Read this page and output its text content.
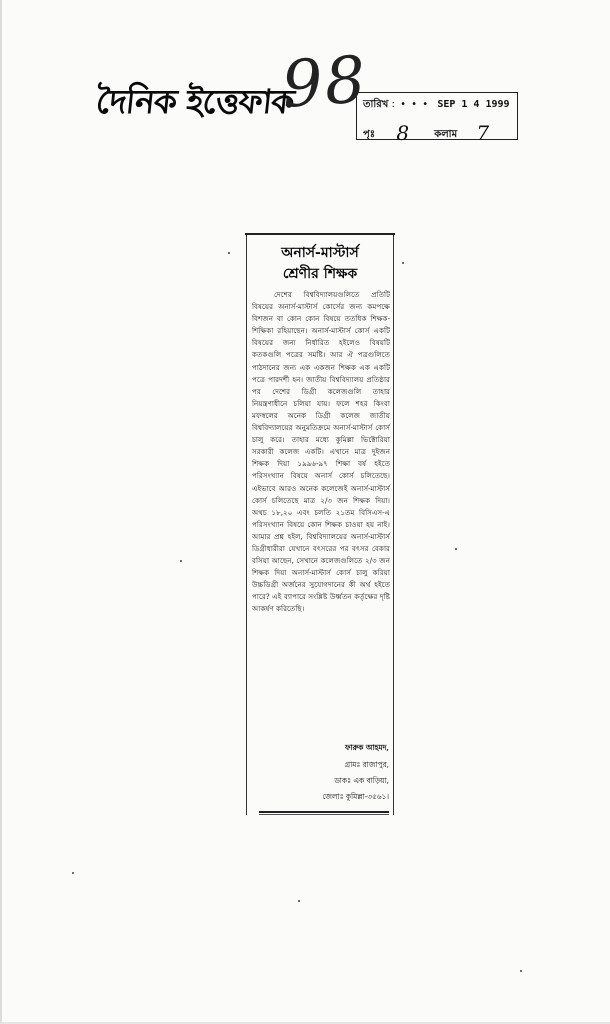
দৈনিক ইত্তেফাক
98
তারিখ : • • • SEP 1 4 1999
পৃঃ 8	কলাম 7
অনার্স-মাস্টার্স
শ্রেণীর শিক্ষক
দেশের বিশ্ববিদ্যালয়গুলিতে প্রতিটি বিষয়ের অনার্স-মাস্টার্স কোর্সের জন্য কমপক্ষে বিশজন বা কোন কোন বিষয়ে ততধিক শিক্ষক-শিক্ষিকা রহিয়াছেন। অনার্স-মাস্টার্স কোর্স একটি বিষয়ের জন্য নির্ধারিত হইলেও বিষয়টি কতকগুলি পত্রের সমষ্টি। আর ঐ পত্রগুলিতে পাঠদানের জন্য এক একজন শিক্ষক এক একটি পত্রে পারদর্শী হন। জাতীয় বিশ্ববিদ্যালয় প্রতিষ্ঠার পর দেশের ডিগ্রী কলেজগুলি তাহার নিয়ন্ত্রণাধীনে চলিয়া যায়। ফলে শহর কিংবা মফস্বলের অনেক ডিগ্রী কলেজ জাতীয় বিশ্ববিদ্যালয়ের অনুমতিক্রমে অনার্স-মাস্টার্স কোর্স চালু করে। তাহার মধ্যে কুমিল্লা ভিক্টোরিয়া সরকারী কলেজ একটি। এখানে মাত্র দুইজন শিক্ষক দিয়া ১৯৯৬-৯৭ শিক্ষা বর্ষ হইতে পরিসংখ্যান বিষয়ে অনার্স কোর্স চলিতেছে। এইভাবে আরও অনেক কলেজেই অনার্স-মাস্টার্স কোর্স চলিতেছে মাত্র ২/৩ জন শিক্ষক দিয়া। অথচ ১৮,২০ এবং চলতি ২১তম বিসিএস-এ পরিসংখ্যান বিষয়ে কোন শিক্ষক চাওয়া হয় নাই। আমার প্রশ্ন হইল, বিশ্ববিদ্যালয়ের অনার্স-মাস্টার্স ডিগ্রীধারীরা যেখানে বৎসরের পর বৎসর বেকার বসিয়া আছেন, সেখানে কলেজগুলিতে ২/৩ জন শিক্ষক দিয়া অনার্স-মাস্টার্স কোর্স চালু করিয়া উচ্চডিগ্রী অর্জনের সুযোগদানের কী অর্থ হইতে পারে? এই ব্যাপারে সংশ্লিষ্ট উর্ধ্বতন কর্তৃক্ষের দৃষ্টি আকর্ষণ করিতেছি।
ফারুক আহমদ,
গ্রামঃ রাজাপুর,
ডাকঃ এক বাড়িয়া,
জেলাঃ কুমিল্লা-৩৫৬১।
